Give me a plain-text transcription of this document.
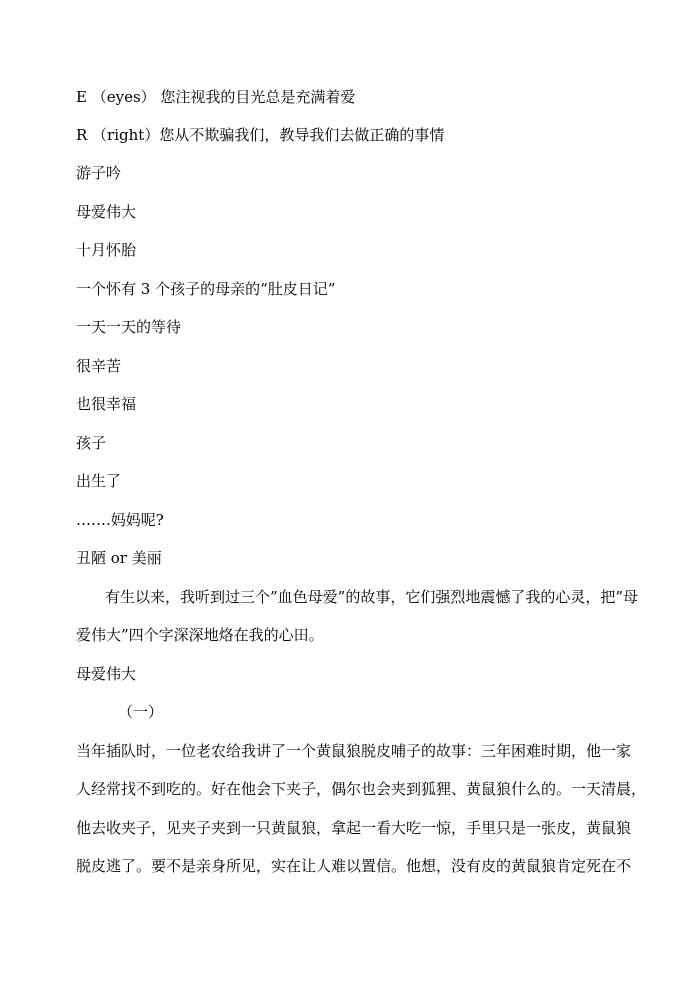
E （eyes） 您注视我的目光总是充满着爱
R （right）您从不欺骗我们，教导我们去做正确的事情
游子吟
母爱伟大
十月怀胎
一个怀有 3 个孩子的母亲的“肚皮日记”
一天一天的等待
很辛苦
也很幸福
孩子
出生了
…….妈妈呢?
丑陋 or 美丽
有生以来，我听到过三个”血色母爱”的故事，它们强烈地震憾了我的心灵，把”母
爱伟大”四个字深深地烙在我的心田。
母爱伟大
（一）
当年插队时，一位老农给我讲了一个黄鼠狼脱皮哺子的故事：三年困难时期，他一家
人经常找不到吃的。好在他会下夹子，偶尔也会夹到狐狸、黄鼠狼什么的。一天清晨，
他去收夹子，见夹子夹到一只黄鼠狼，拿起一看大吃一惊，手里只是一张皮，黄鼠狼
脱皮逃了。要不是亲身所见，实在让人难以置信。他想，没有皮的黄鼠狼肯定死在不
